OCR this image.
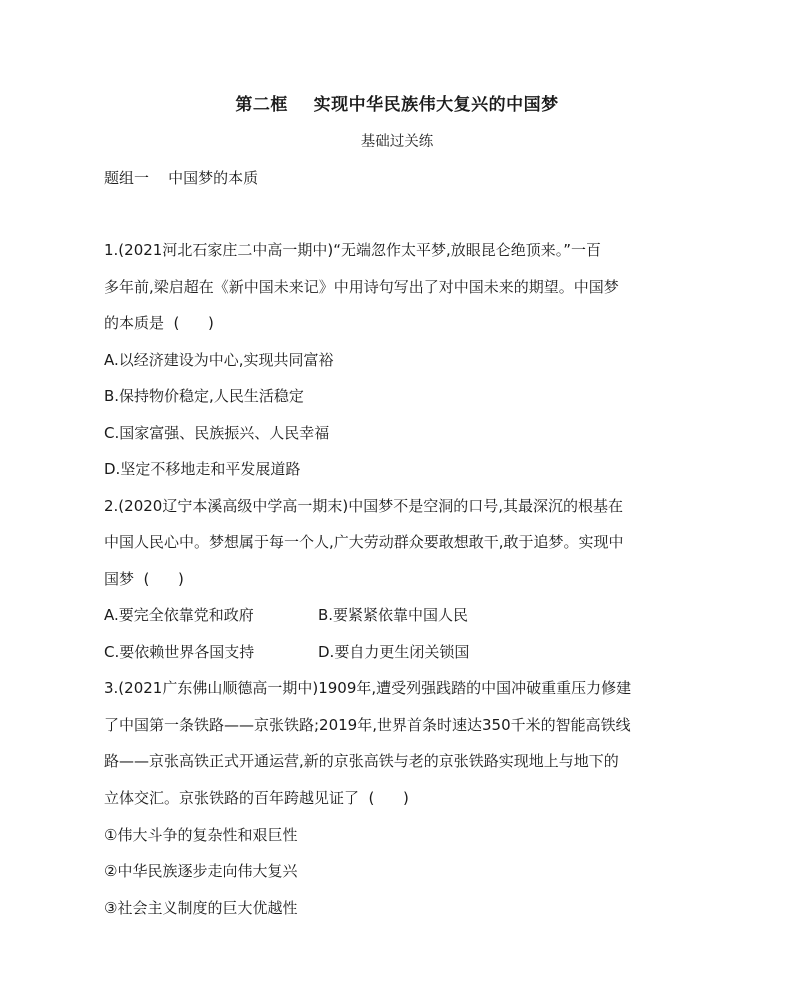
第二框    实现中华民族伟大复兴的中国梦
基础过关练
题组一    中国梦的本质
1.(2021河北石家庄二中高一期中)“无端忽作太平梦,放眼昆仑绝顶来。”一百
多年前,梁启超在《新中国未来记》中用诗句写出了对中国未来的期望。中国梦
的本质是  (      )
A.以经济建设为中心,实现共同富裕
B.保持物价稳定,人民生活稳定
C.国家富强、民族振兴、人民幸福
D.坚定不移地走和平发展道路
2.(2020辽宁本溪高级中学高一期末)中国梦不是空洞的口号,其最深沉的根基在
中国人民心中。梦想属于每一个人,广大劳动群众要敢想敢干,敢于追梦。实现中
国梦  (      )
A.要完全依靠党和政府	B.要紧紧依靠中国人民
C.要依赖世界各国支持	D.要自力更生闭关锁国
3.(2021广东佛山顺德高一期中)1909年,遭受列强践踏的中国冲破重重压力修建
了中国第一条铁路——京张铁路;2019年,世界首条时速达350千米的智能高铁线
路——京张高铁正式开通运营,新的京张高铁与老的京张铁路实现地上与地下的
立体交汇。京张铁路的百年跨越见证了  (      )
①伟大斗争的复杂性和艰巨性
②中华民族逐步走向伟大复兴
③社会主义制度的巨大优越性
